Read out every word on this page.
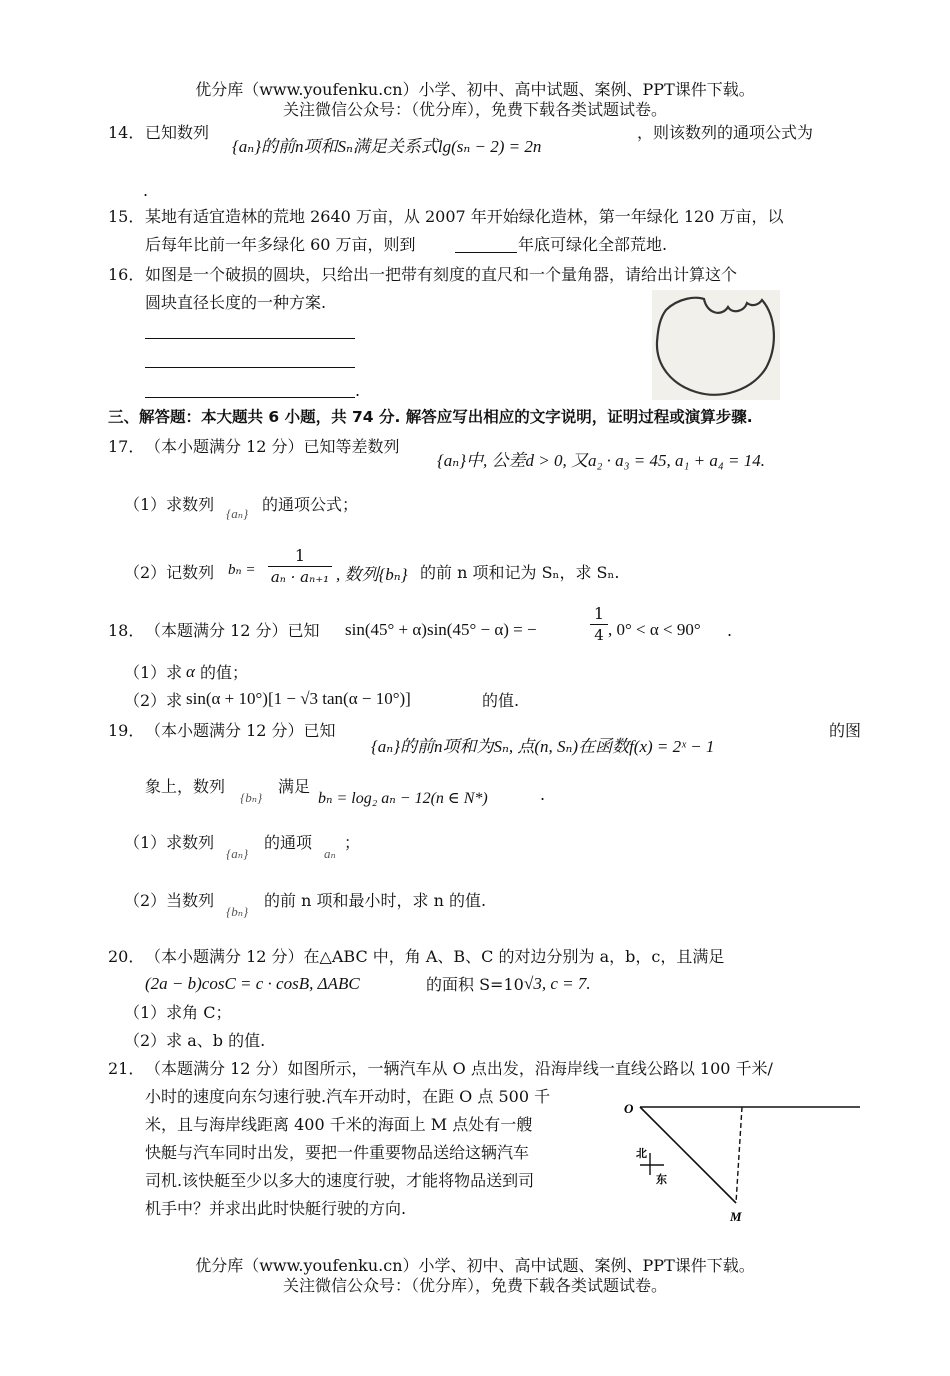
优分库（www.youfenku.cn）小学、初中、高中试题、案例、PPT课件下载。
关注微信公众号：（优分库），免费下载各类试题试卷。
14． 已知数列
{aₙ}的前n项和Sₙ满足关系式lg(sₙ − 2) = 2n
，则该数列的通项公式为
.
15． 某地有适宜造林的荒地 2640 万亩，从 2007 年开始绿化造林，第一年绿化 120 万亩，以
后每年比前一年多绿化 60 万亩，则到	年底可绿化全部荒地.
16． 如图是一个破损的圆块，只给出一把带有刻度的直尺和一个量角器，请给出计算这个
圆块直径长度的一种方案.
.
三、解答题：本大题共 6 小题，共 74 分. 解答应写出相应的文字说明，证明过程或演算步骤.
17． （本小题满分 12 分）已知等差数列
{aₙ}中, 公差d > 0, 又a₂ · a₃ = 45, a₁ + a₄ = 14.
（1）求数列 {aₙ} 的通项公式；
（2）记数列 $b_n = \frac{1}{\text{aₙ · aₙ₊₁}}$ , 数列{bₙ} 的前 n 项和记为 Sₙ，求 Sₙ.
18． （本题满分 12 分）已知 sin(45° + α)sin(45° − α) = −	$\frac{1}{4}$ , 0° < α < 90° .
（1）求 α 的值；
（2）求 sin(α + 10°)[1 − √3 tan(α − 10°)]	的值.
19． （本小题满分 12 分）已知
{aₙ}的前n项和为Sₙ, 点(n, Sₙ)在函数f(x) = 2ˣ − 1
的图
象上，数列
{bₙ}
满足
bₙ = log₂ aₙ − 12(n ∈ N*)	.
（1）求数列
{aₙ}
的通项
aₙ
；
（2）当数列
{bₙ}
的前 n 项和最小时，求 n 的值.
20． （本小题满分 12 分）在△ABC 中，角 A、B、C 的对边分别为 a，b，c，且满足
(2a − b)cosC = c · cosB, ΔABC	的面积 S=10 √3, c = 7.
（1）求角 C；
（2）求 a、b 的值.
21． （本题满分 12 分）如图所示，一辆汽车从 O 点出发，沿海岸线一直线公路以 100 千米/
小时的速度向东匀速行驶.汽车开动时，在距 O 点 500 千
米，且与海岸线距离 400 千米的海面上 M 点处有一艘
快艇与汽车同时出发，要把一件重要物品送给这辆汽车
司机.该快艇至少以多大的速度行驶，才能将物品送到司
机手中？并求出此时快艇行驶的方向.
O
M
北
东
优分库（www.youfenku.cn）小学、初中、高中试题、案例、PPT课件下载。
关注微信公众号：（优分库），免费下载各类试题试卷。
